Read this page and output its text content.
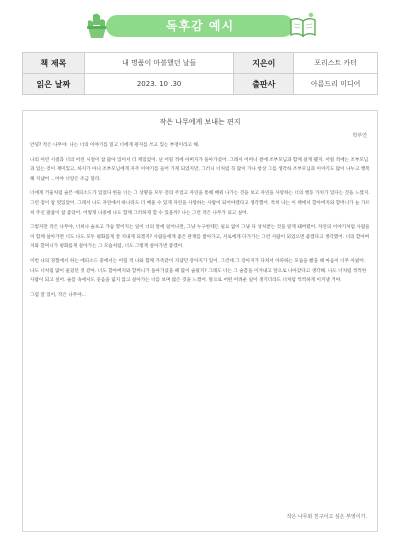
독후감 예시
책 제목	내 명품이 마블했던 날들	지은이	포리스트 카터
읽은 날짜	2023. 10 .30	출판사	아름드리 미디어
작은 나무에게 보내는 편지
박부연

안녕? 작은 나무야. 나는 너의 이야기를 읽고 너에게 편지를 쓰고 있는 부영이라고 해.

나의 어린 시절과 너의 어린 시절이 참 닮아 있어서 더 재밌었어. 난 어릴 적에 아버지가 돌아가셨어. 그래서 어머니 곁에 조부모님과 함께 살게 됐지. 어릴 적에는 조부모님과 있는 것이 재미있고, 하지가 아니 조부모님에게 자주 이야기를 들어 가게 되었지만, 그러니 너처럼 꼭 많이 가나 항상 그를 생각하 조부모님과 이야기도 많이 나누고 행복해 지냈어 ...어야 너랑은 조금 달라.

너에게 거울처럼 슬픈 에피소드가 있었다 한들 너는 그 상황을 모두 견뎌 주었고 자연을 통해 배워 나가는 것을 보고 자연을 사랑하는 너의 행동 가치가 있다는 것을 느꼈지. 그런 점이 참 멋있었어. 그래서 나도 자연에서 하나라도 더 배울 수 있게 자연을 사랑하는 사람이 되어야겠다고 생각했어. 특히 나는 이 책에서 할아버지와 할머니가 늘 가르쳐 주신 말씀이 참 좋았어. 어떻게 나중에 나도 함께 그러하게 할 수 있을까? 나는 그런 작은 나무가 되고 싶어.

그렇지만 작은 나무야, 너희나 슬프고 가슴 찢어지는 일이 너의 앞에 일어나면, 그냥 누구한테든 필요 없이 그냥 다 상처받는 것을 알게 돼버렸어. 자연의 이야기처럼 사람들이 함께 살아가면 너도 나도 모두 평화롭게 잘 지내게 되겠지? 사람들에게 좋은 관계를 쌓아가고, 서로에게 다가가는 그런 사람이 되었으면 좋겠다고 생각했어. 너의 할아버지와 할머니가 평화롭게 살아가는 그 모습처럼, 너도 그렇게 살아가면 좋겠어.

이번 나의 경험에서 하는 에피소드 중에서는 어릴 적 나와 함께 가족같이 지냈던 강아지가 있어. 그런데 그 강아지가 다쳐서 아파하는 모습을 봤을 때 마음이 너무 아팠어. 나도 너처럼 많이 울었던 것 같아. 너도 할아버지와 할머니가 돌아가셨을 때 많이 슬펐지? 그래도 너는 그 슬픔을 이겨내고 앞으로 나아갔다고 생각해. 나도 너처럼 씩씩한 사람이 되고 싶어. 슬픔 속에서도 웃음을 잃지 않고 살아가는 너를 보며 많은 것을 느꼈어. 앞으로 어떤 어려운 일이 생기더라도 너처럼 씩씩하게 이겨낼 거야.

그럼 잘 있어, 작은 나무야...

작은 나무와 친구이고 싶은 부영이가.
